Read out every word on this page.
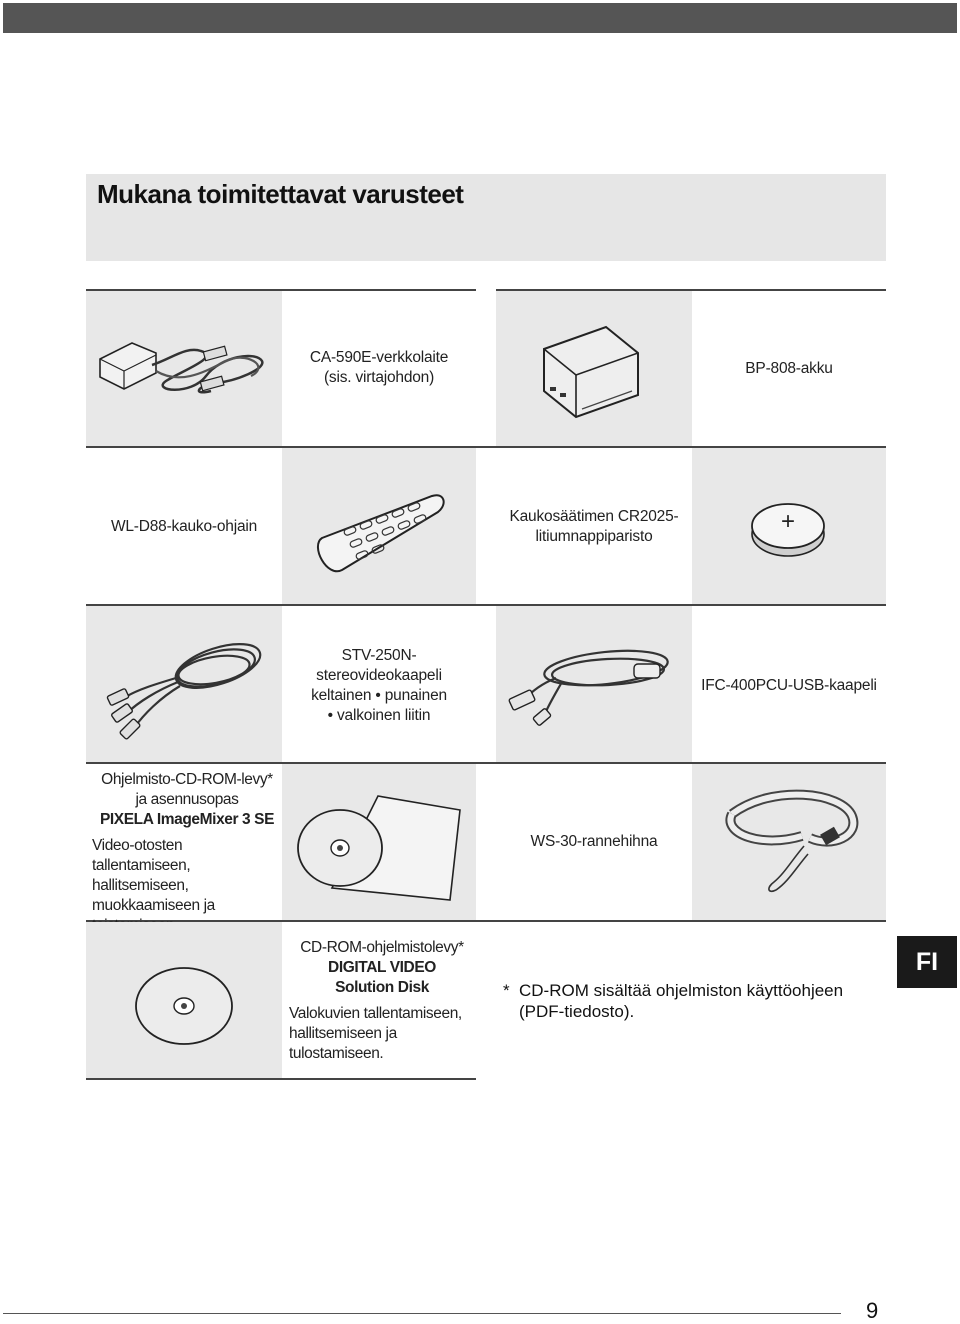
Mukana toimitettavat varusteet
CA-590E-verkkolaite
(sis. virtajohdon)
BP-808-akku
WL-D88-kauko-ohjain
Kaukosäätimen CR2025-
litiumnappiparisto
+
STV-250N-
stereovideokaapeli
keltainen • punainen
• valkoinen liitin
IFC-400PCU-USB-kaapeli
Ohjelmisto-CD-ROM-levy*
ja asennusopas
PIXELA ImageMixer 3 SE
Video-otosten tallentamiseen,
hallitsemiseen,
muokkaamiseen ja
WS-30-rannehihna
CD-ROM-ohjelmistolevy*
DIGITAL VIDEO
Solution Disk
Valokuvien tallentamiseen,
hallitsemiseen ja
tulostamiseen.
* CD-ROM sisältää ohjelmiston käyttöohjeen (PDF-tiedosto).
FI
9
